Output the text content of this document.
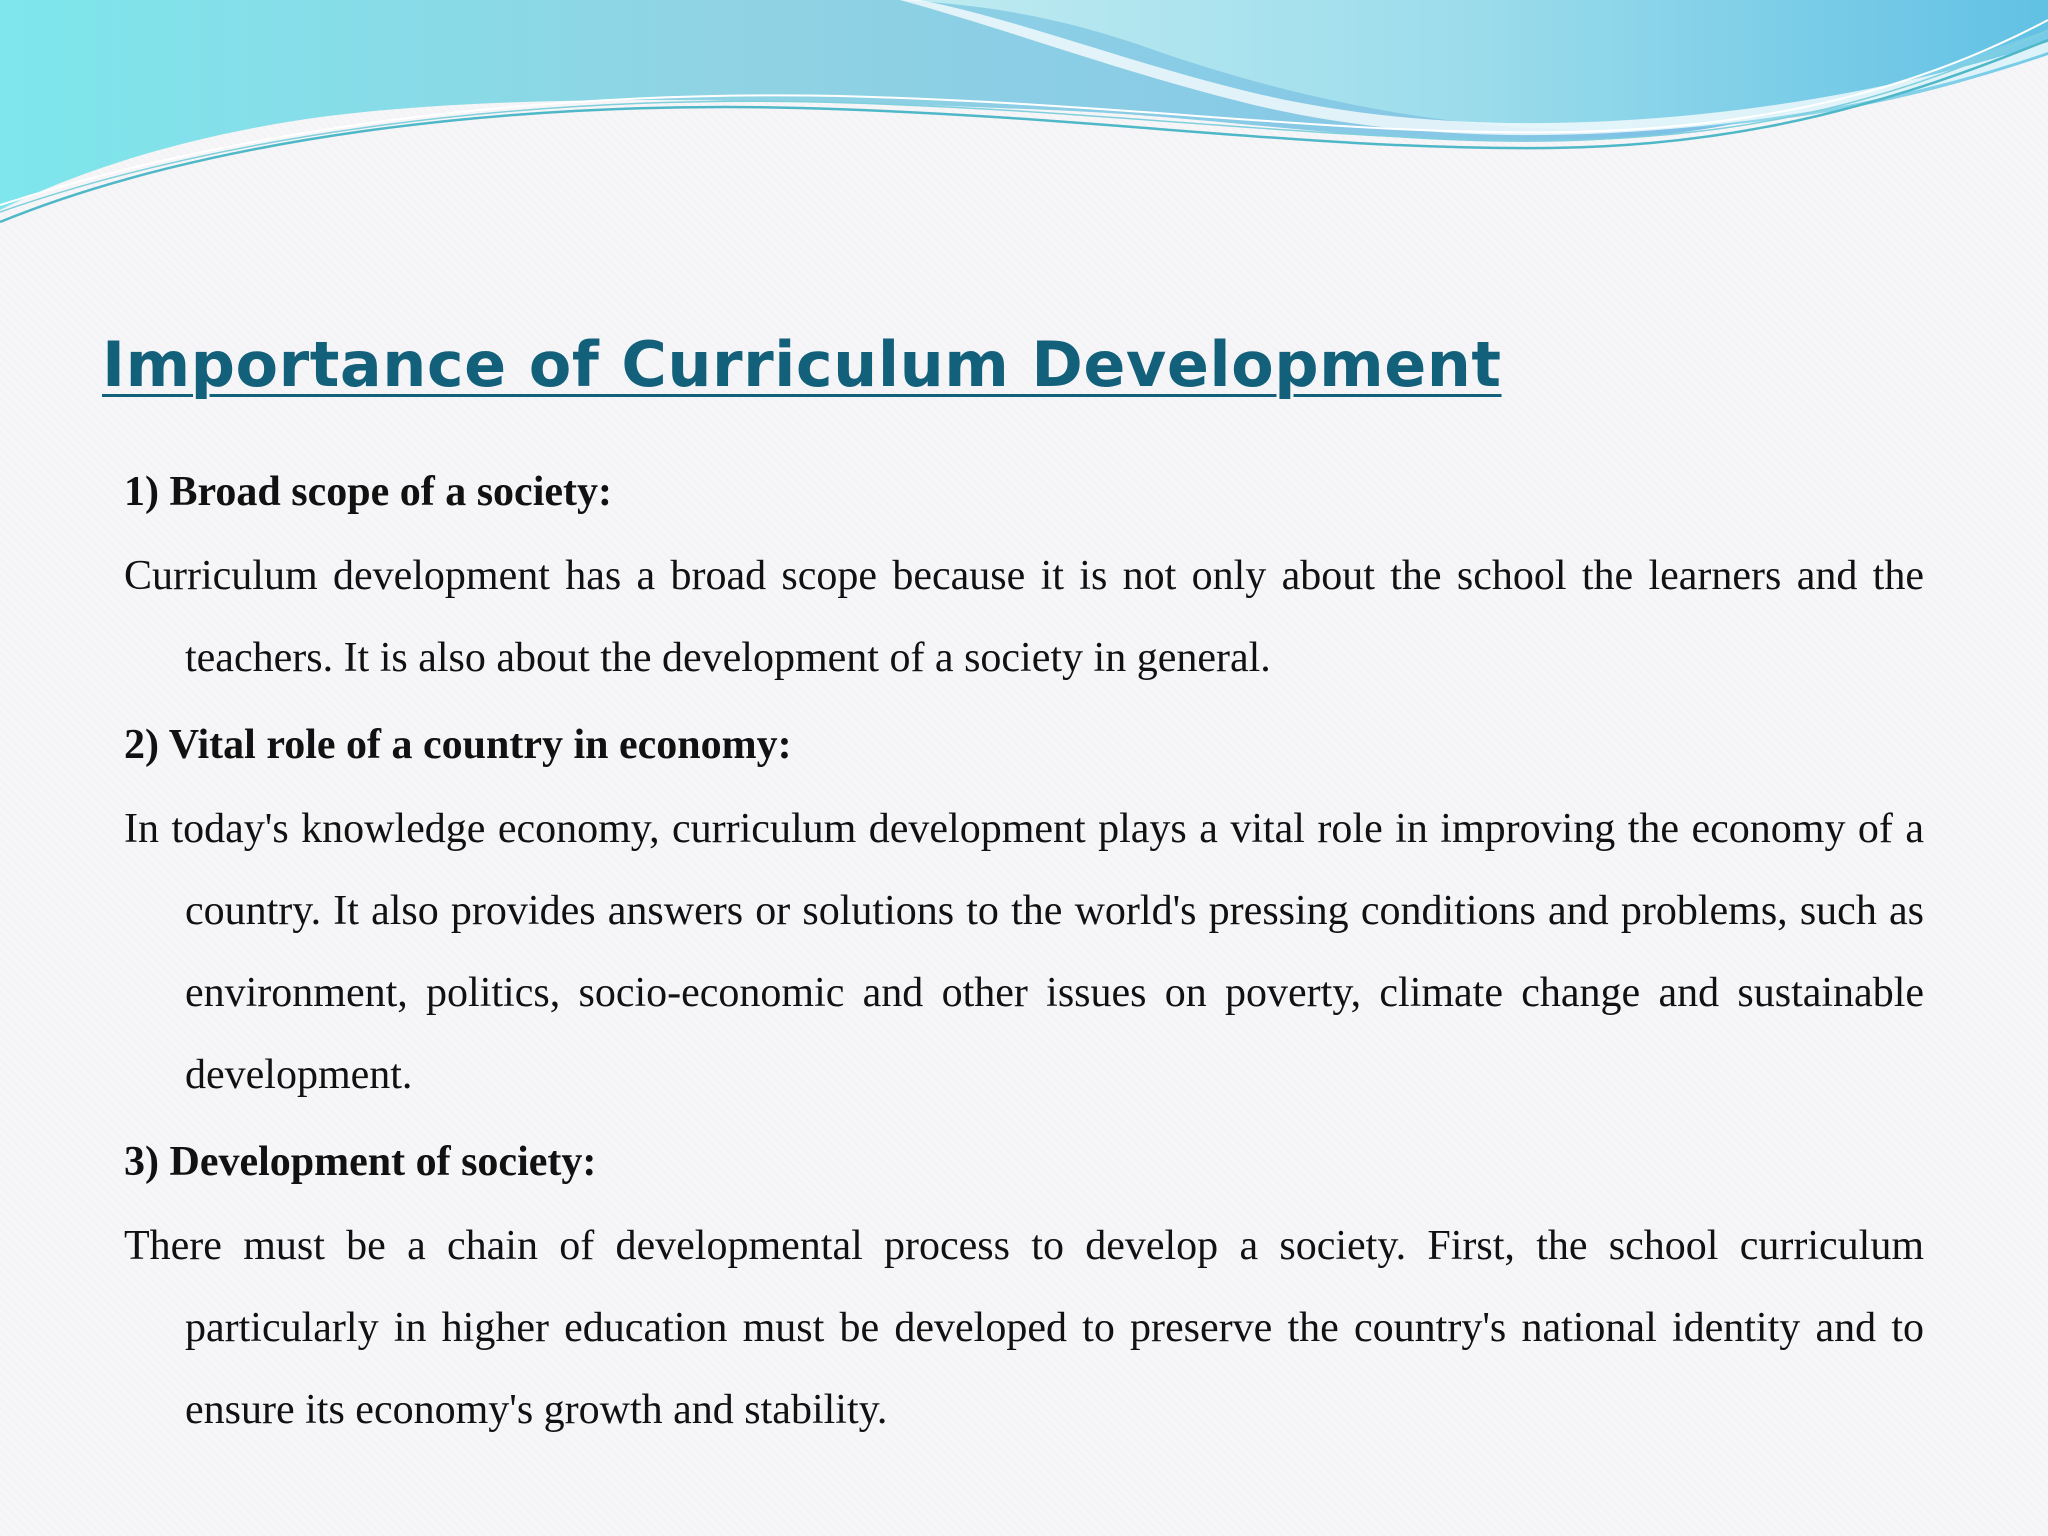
Importance of Curriculum Development

1) Broad scope of a society:

Curriculum development has a broad scope because it is not only about the school the learners and the teachers. It is also about the development of a society in general.

2) Vital role of a country in economy:

In today's knowledge economy, curriculum development plays a vital role in improving the economy of a country. It also provides answers or solutions to the world's pressing conditions and problems, such as environment, politics, socio-economic and other issues on poverty, climate change and sustainable development.

3) Development of society:

There must be a chain of developmental process to develop a society. First, the school curriculum particularly in higher education must be developed to preserve the country's national identity and to ensure its economy's growth and stability.
